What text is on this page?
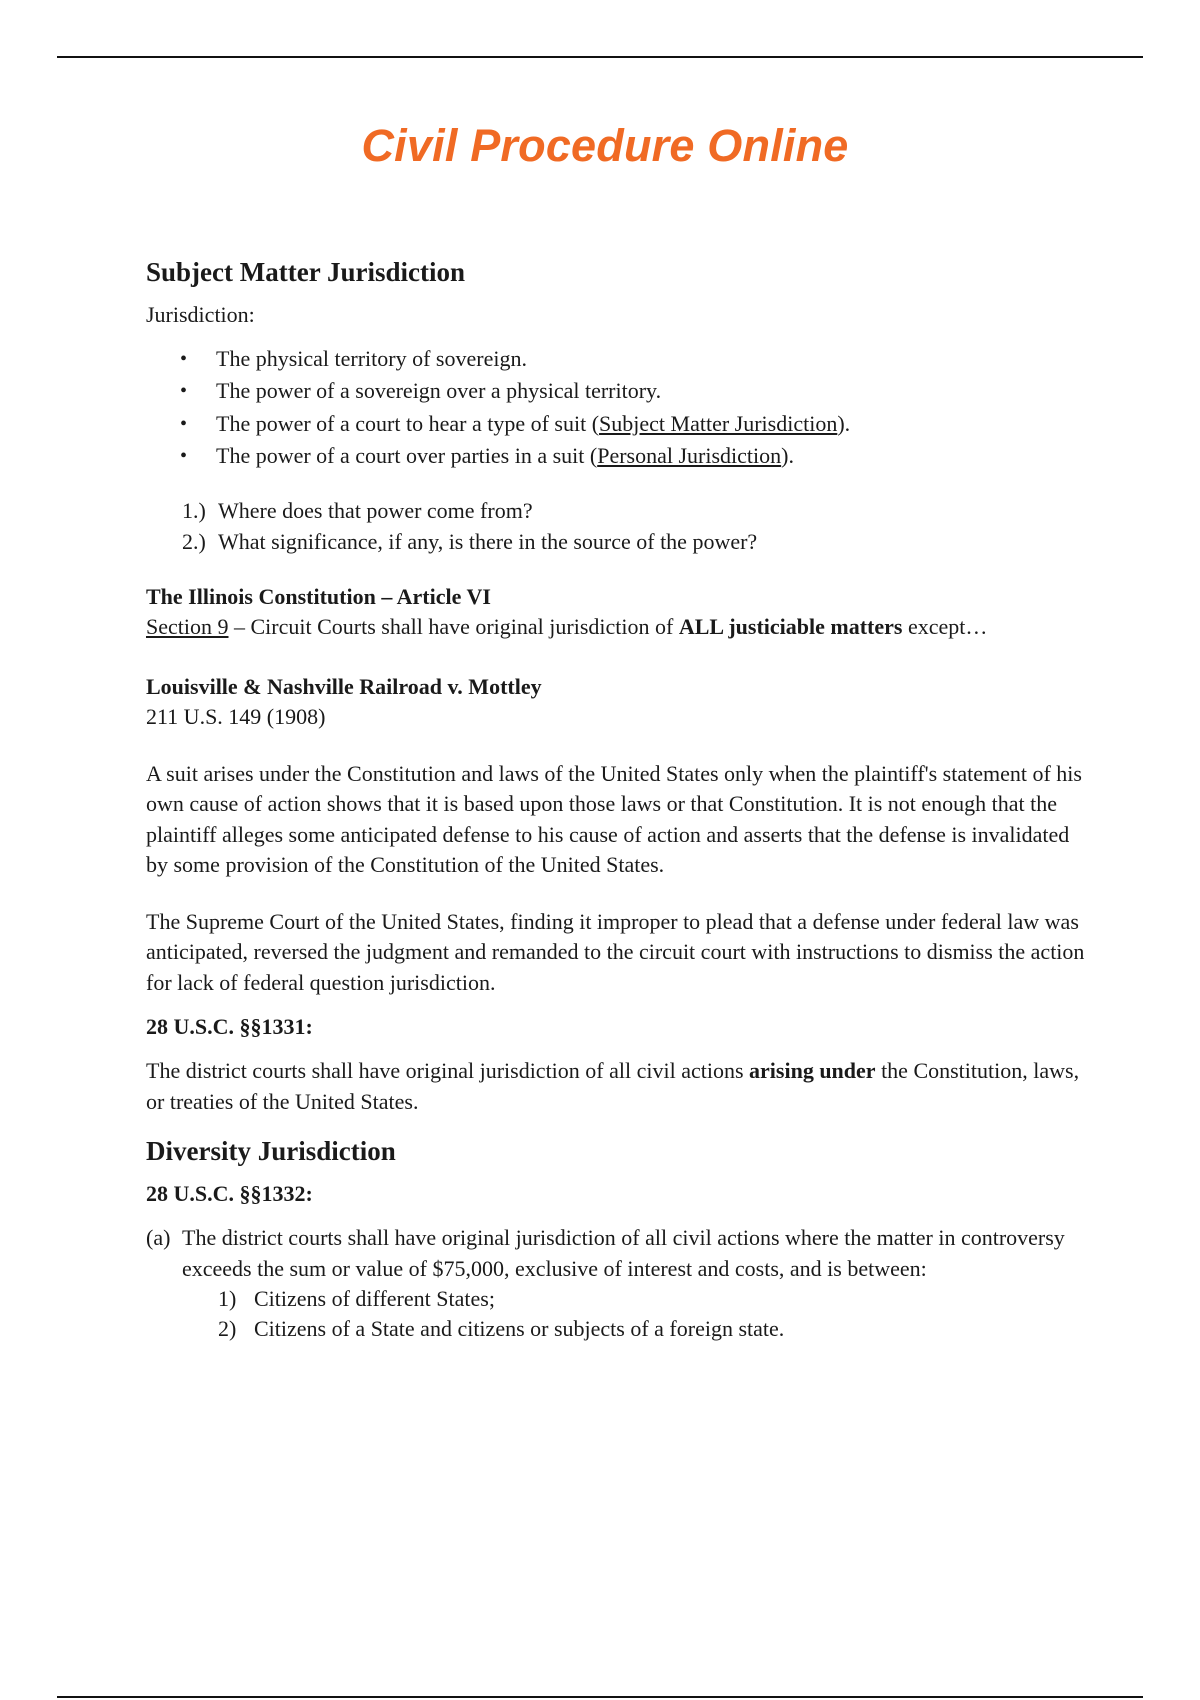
Civil Procedure Online
Subject Matter Jurisdiction

Jurisdiction:

• The physical territory of sovereign.
• The power of a sovereign over a physical territory.
• The power of a court to hear a type of suit (Subject Matter Jurisdiction).
• The power of a court over parties in a suit (Personal Jurisdiction).
1.) Where does that power come from?
2.) What significance, if any, is there in the source of the power?
The Illinois Constitution – Article VI

Section 9 – Circuit Courts shall have original jurisdiction of ALL justiciable matters except…

Louisville & Nashville Railroad v. Mottley

211 U.S. 149 (1908)

A suit arises under the Constitution and laws of the United States only when the plaintiff's statement of his own cause of action shows that it is based upon those laws or that Constitution. It is not enough that the plaintiff alleges some anticipated defense to his cause of action and asserts that the defense is invalidated by some provision of the Constitution of the United States.

The Supreme Court of the United States, finding it improper to plead that a defense under federal law was anticipated, reversed the judgment and remanded to the circuit court with instructions to dismiss the action for lack of federal question jurisdiction.

28 U.S.C. §§1331:

The district courts shall have original jurisdiction of all civil actions arising under the Constitution, laws, or treaties of the United States.

Diversity Jurisdiction
28 U.S.C. §§1332:
(a) The district courts shall have original jurisdiction of all civil actions where the matter in controversy exceeds the sum or value of $75,000, exclusive of interest and costs, and is between:
1) Citizens of different States;
2) Citizens of a State and citizens or subjects of a foreign state.
